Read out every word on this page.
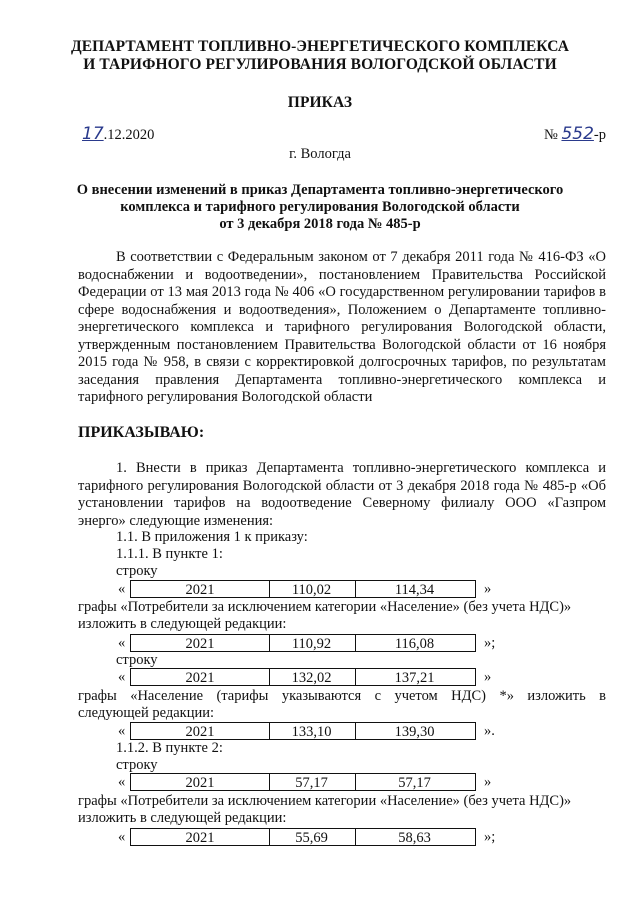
ДЕПАРТАМЕНТ ТОПЛИВНО-ЭНЕРГЕТИЧЕСКОГО КОМПЛЕКСА
И ТАРИФНОГО РЕГУЛИРОВАНИЯ ВОЛОГОДСКОЙ ОБЛАСТИ
ПРИКАЗ
17.12.2020	№ 552-р
г. Вологда
О внесении изменений в приказ Департамента топливно-энергетического
комплекса и тарифного регулирования Вологодской области
от 3 декабря 2018 года № 485-р
В соответствии с Федеральным законом от 7 декабря 2011 года № 416-ФЗ «О водоснабжении и водоотведении», постановлением Правительства Российской Федерации от 13 мая 2013 года № 406 «О государственном регулировании тарифов в сфере водоснабжения и водоотведения», Положением о Департаменте топливно-энергетического комплекса и тарифного регулирования Вологодской области, утвержденным постановлением Правительства Вологодской области от 16 ноября 2015 года № 958, в связи с корректировкой долгосрочных тарифов, по результатам заседания правления Департамента топливно-энергетического комплекса и тарифного регулирования Вологодской области
ПРИКАЗЫВАЮ:
1. Внести в приказ Департамента топливно-энергетического комплекса и тарифного регулирования Вологодской области от 3 декабря 2018 года № 485-р «Об установлении тарифов на водоотведение Северному филиалу ООО «Газпром энерго» следующие изменения:
1.1. В приложения 1 к приказу:
1.1.1. В пункте 1:
строку
«	2021	110,02	114,34	»
графы «Потребители за исключением категории «Население» (без учета НДС)»
изложить в следующей редакции:
«	2021	110,92	116,08	»;
строку
«	2021	132,02	137,21	»
графы «Население (тарифы указываются с учетом НДС) *» изложить в
следующей редакции:
«	2021	133,10	139,30	».
1.1.2. В пункте 2:
строку
«	2021	57,17	57,17	»
графы «Потребители за исключением категории «Население» (без учета НДС)»
изложить в следующей редакции:
«	2021	55,69	58,63	»;
